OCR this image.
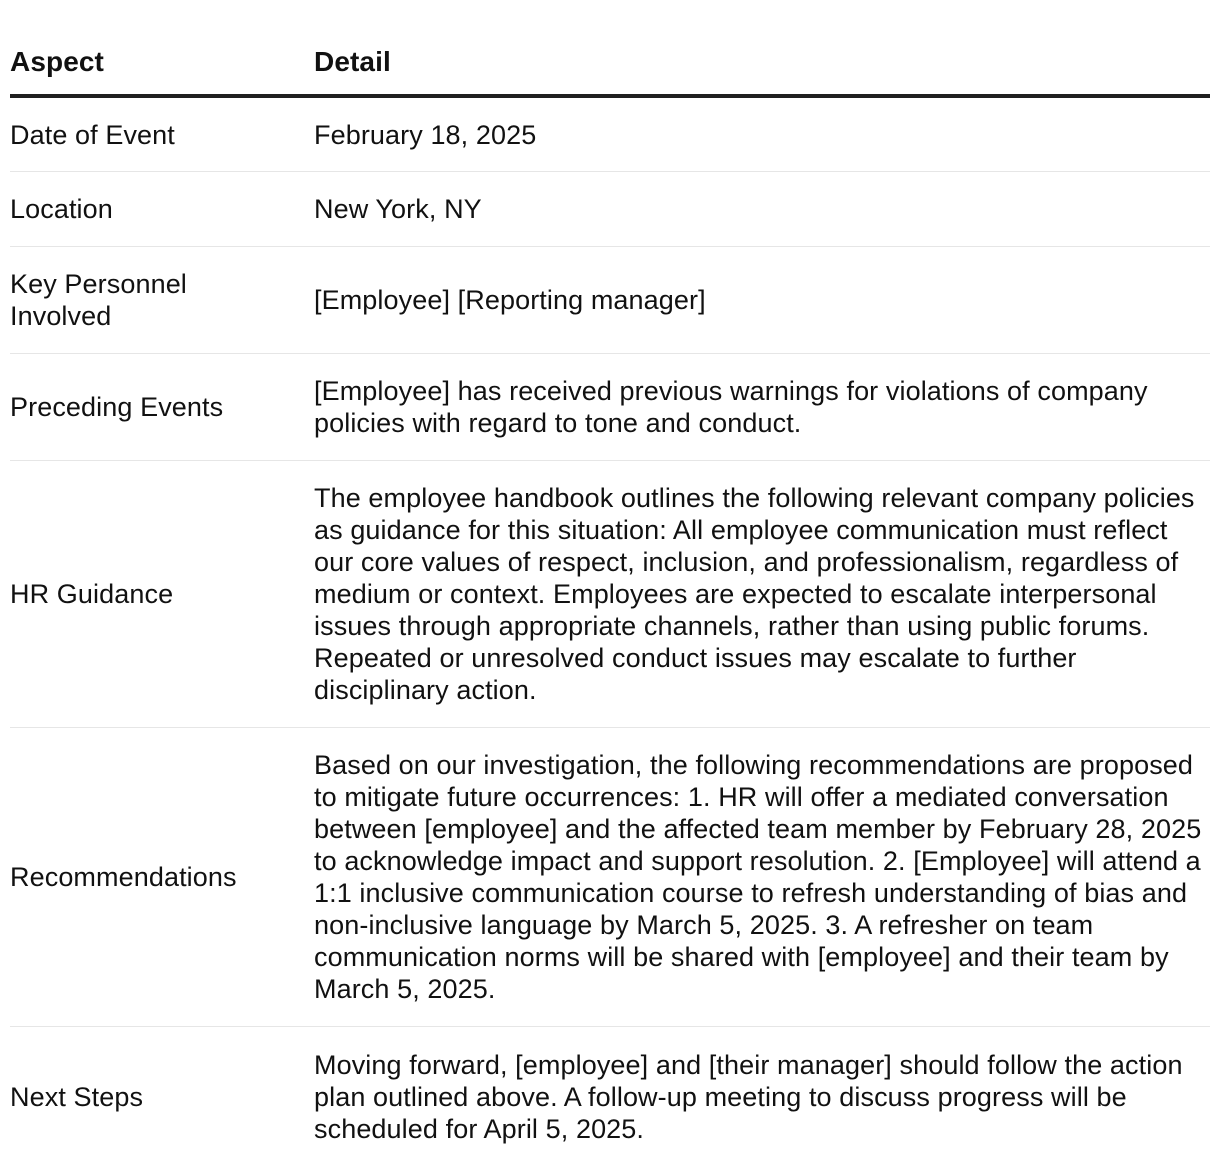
Aspect	Detail
Date of Event	February 18, 2025
Location	New York, NY
Key Personnel Involved	[Employee] [Reporting manager]
Preceding Events	[Employee] has received previous warnings for violations of company policies with regard to tone and conduct.
HR Guidance	The employee handbook outlines the following relevant company policies as guidance for this situation: All employee communication must reflect our core values of respect, inclusion, and professionalism, regardless of medium or context. Employees are expected to escalate interpersonal issues through appropriate channels, rather than using public forums. Repeated or unresolved conduct issues may escalate to further disciplinary action.
Recommendations	Based on our investigation, the following recommendations are proposed to mitigate future occurrences: 1. HR will offer a mediated conversation between [employee] and the affected team member by February 28, 2025 to acknowledge impact and support resolution. 2. [Employee] will attend a 1:1 inclusive communication course to refresh understanding of bias and non-inclusive language by March 5, 2025. 3. A refresher on team communication norms will be shared with [employee] and their team by March 5, 2025.
Next Steps	Moving forward, [employee] and [their manager] should follow the action plan outlined above. A follow-up meeting to discuss progress will be scheduled for April 5, 2025.
